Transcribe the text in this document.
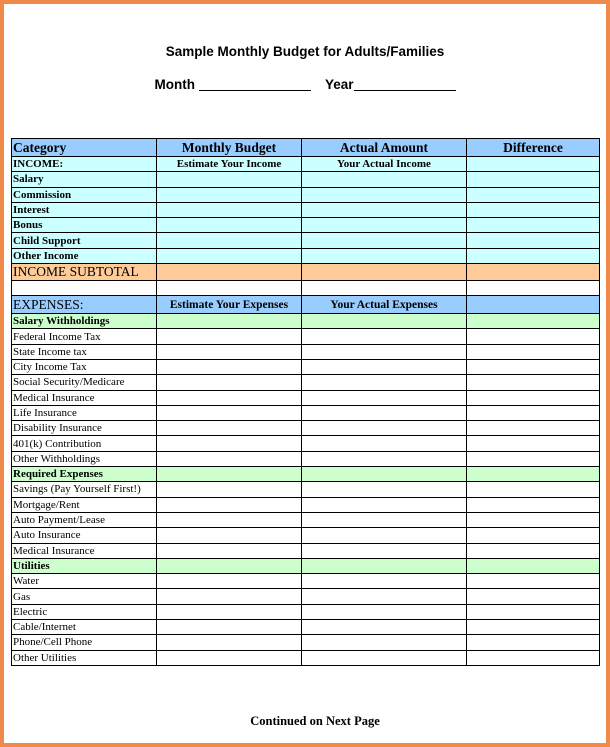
Sample Monthly Budget for Adults/Families
Month	Year
Category	Monthly Budget	Actual Amount	Difference
INCOME:	Estimate Your Income	Your Actual Income	
Salary			
Commission			
Interest			
Bonus			
Child Support			
Other Income			
INCOME SUBTOTAL			

EXPENSES:	Estimate Your Expenses	Your Actual Expenses	
Salary Withholdings			
Federal Income Tax			
State Income tax			
City Income Tax			
Social Security/Medicare			
Medical Insurance			
Life Insurance			
Disability Insurance			
401(k) Contribution			
Other Withholdings			
Required Expenses			
Savings (Pay Yourself First!)			
Mortgage/Rent			
Auto Payment/Lease			
Auto Insurance			
Medical Insurance			
Utilities			
Water			
Gas			
Electric			
Cable/Internet			
Phone/Cell Phone			
Other Utilities			
Continued on Next Page
